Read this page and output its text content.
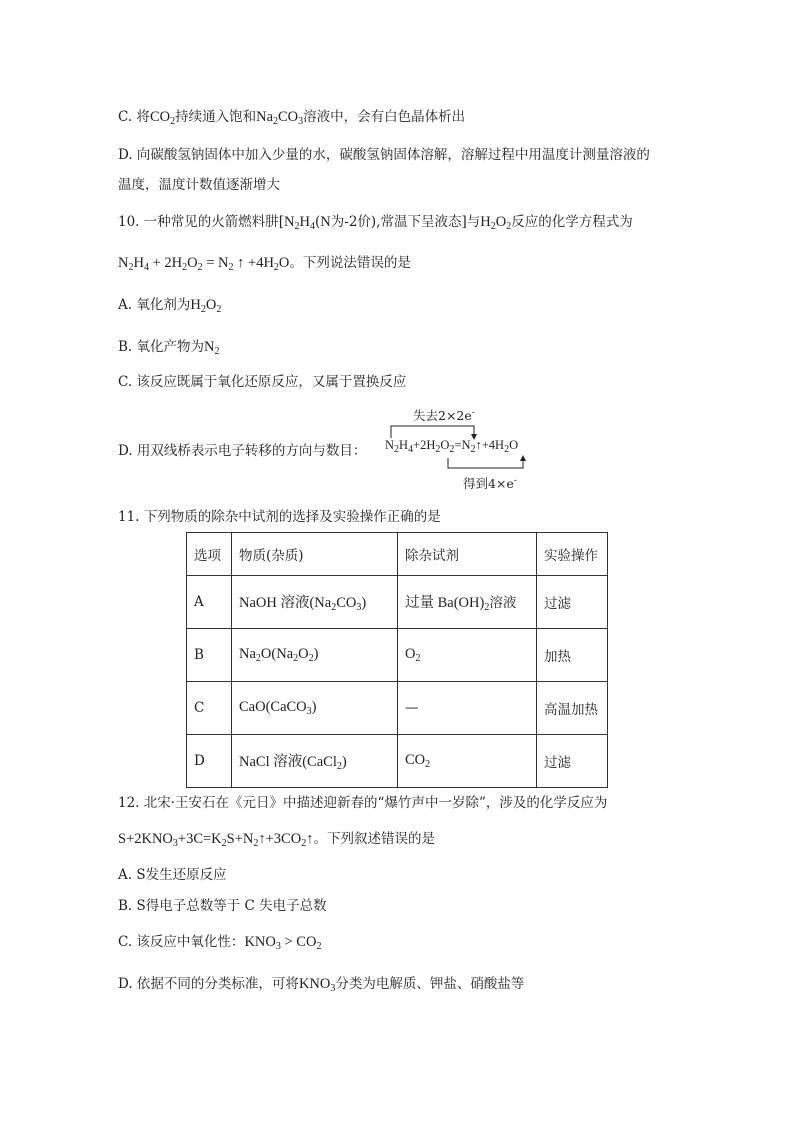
C. 将$CO_2$持续通入饱和$Na_2CO_3$溶液中，会有白色晶体析出
D. 向碳酸氢钠固体中加入少量的水，碳酸氢钠固体溶解，溶解过程中用温度计测量溶液的
温度，温度计数值逐渐增大
10. 一种常见的火箭燃料肼[$N_2H_4(N$为-2价),常温下呈液态]与$H_2O_2$反应的化学方程式为
$N_2H_4 + 2H_2O_2 = N_2$ ↑ $+4H_2O$。下列说法错误的是
A. 氧化剂为$H_2O_2$
B. 氧化产物为$N_2$
C. 该反应既属于氧化还原反应，又属于置换反应
D. 用双线桥表示电子转移的方向与数目：
失去2×2e-
$N_2H_4+2H_2O_2=N_2↑+4H_2O$
得到4×e-
11. 下列物质的除杂中试剂的选择及实验操作正确的是
选项	物质(杂质)	除杂试剂	实验操作
A	NaOH 溶液$(Na_2CO_3)$	过量 $Ba(OH)_2$溶液	过滤
B	$Na_2O(Na_2O_2)$	$O_2$	加热
C	CaO(CaCO$_3$)	—	高温加热
D	NaCl 溶液(CaCl$_2$)	$CO_2$	过滤
12. 北宋·王安石在《元日》中描述迎新春的“爆竹声中一岁除”，涉及的化学反应为
$S+2KNO_3+3C=K_2S+N_2↑+3CO_2↑$。下列叙述错误的是
A. S发生还原反应
B. S得电子总数等于 C 失电子总数
C. 该反应中氧化性：$KNO_3 > CO_2$
D. 依据不同的分类标准，可将$KNO_3$分类为电解质、钾盐、硝酸盐等
